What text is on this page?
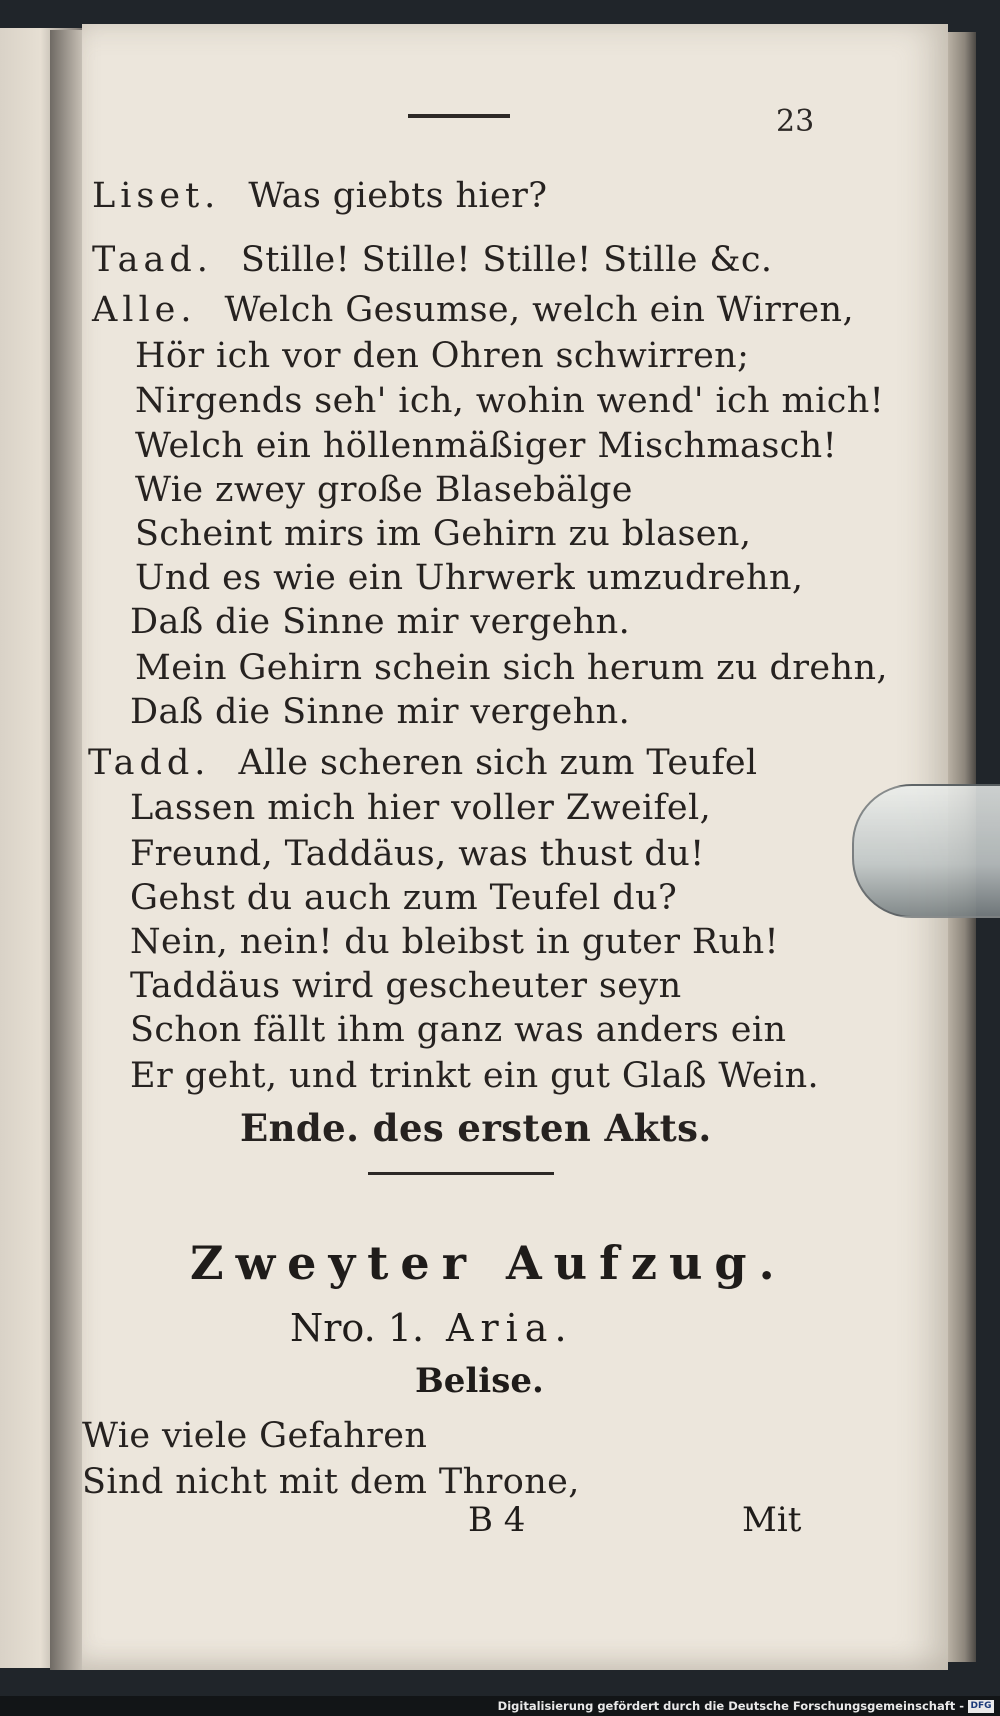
23
Liset. Was giebts hier?
Taad. Stille! Stille! Stille! Stille &c.
Alle. Welch Gesumse, welch ein Wirren,
Hör ich vor den Ohren schwirren;
Nirgends seh' ich, wohin wend' ich mich!
Welch ein höllenmäßiger Mischmasch!
Wie zwey große Blasebälge
Scheint mirs im Gehirn zu blasen,
Und es wie ein Uhrwerk umzudrehn,
Daß die Sinne mir vergehn.
Mein Gehirn schein sich herum zu drehn,
Daß die Sinne mir vergehn.
Tadd. Alle scheren sich zum Teufel
Lassen mich hier voller Zweifel,
Freund, Taddäus, was thust du!
Gehst du auch zum Teufel du?
Nein, nein! du bleibst in guter Ruh!
Taddäus wird gescheuter seyn
Schon fällt ihm ganz was anders ein
Er geht, und trinkt ein gut Glaß Wein.
Ende. des ersten Akts.
Zweyter Aufzug.
Nro. 1. Aria.
Belise.
Wie viele Gefahren
Sind nicht mit dem Throne,
B 4	Mit
Digitalisierung gefördert durch die Deutsche Forschungsgemeinschaft - DFG
